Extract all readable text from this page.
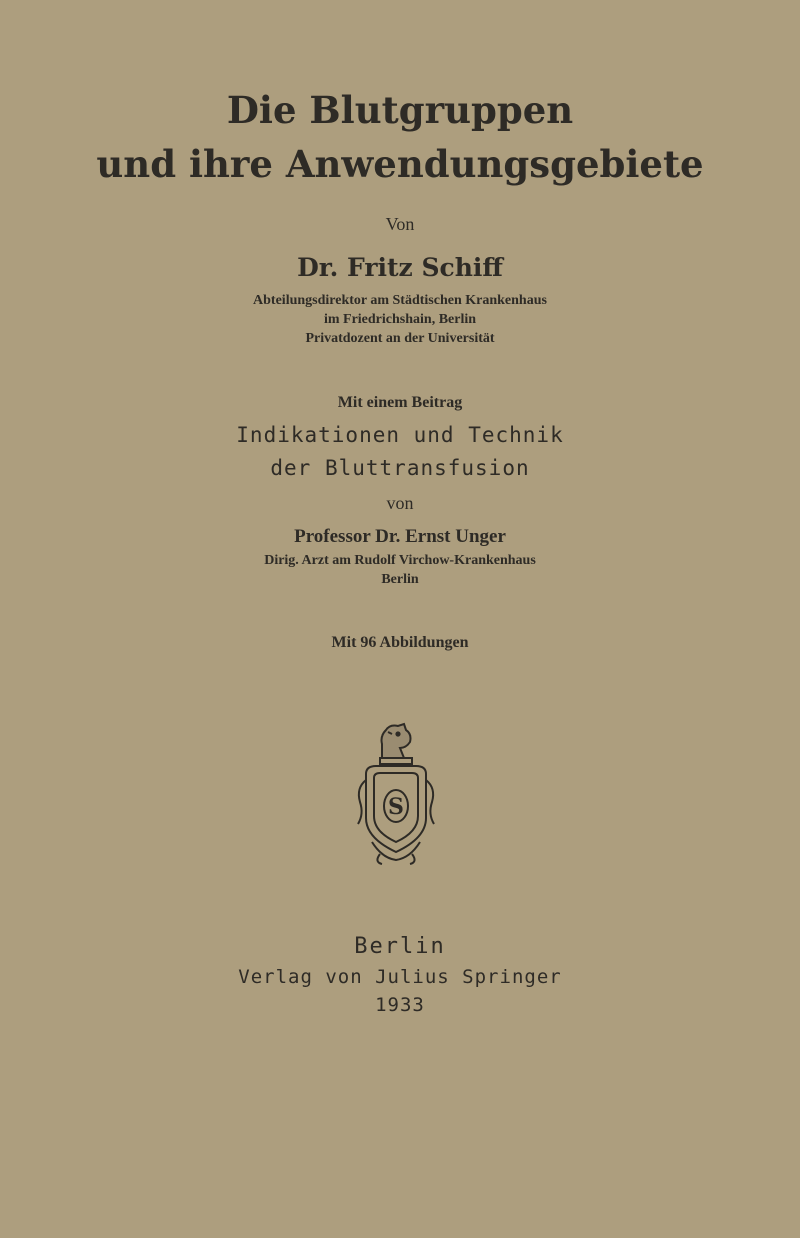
Die Blutgruppen
und ihre Anwendungsgebiete
Von
Dr. Fritz Schiff
Abteilungsdirektor am Städtischen Krankenhaus
im Friedrichshain, Berlin
Privatdozent an der Universität
Mit einem Beitrag
Indikationen und Technik
der Bluttransfusion
von
Professor Dr. Ernst Unger
Dirig. Arzt am Rudolf Virchow-Krankenhaus
Berlin
Mit 96 Abbildungen
S
Berlin
Verlag von Julius Springer
1933
